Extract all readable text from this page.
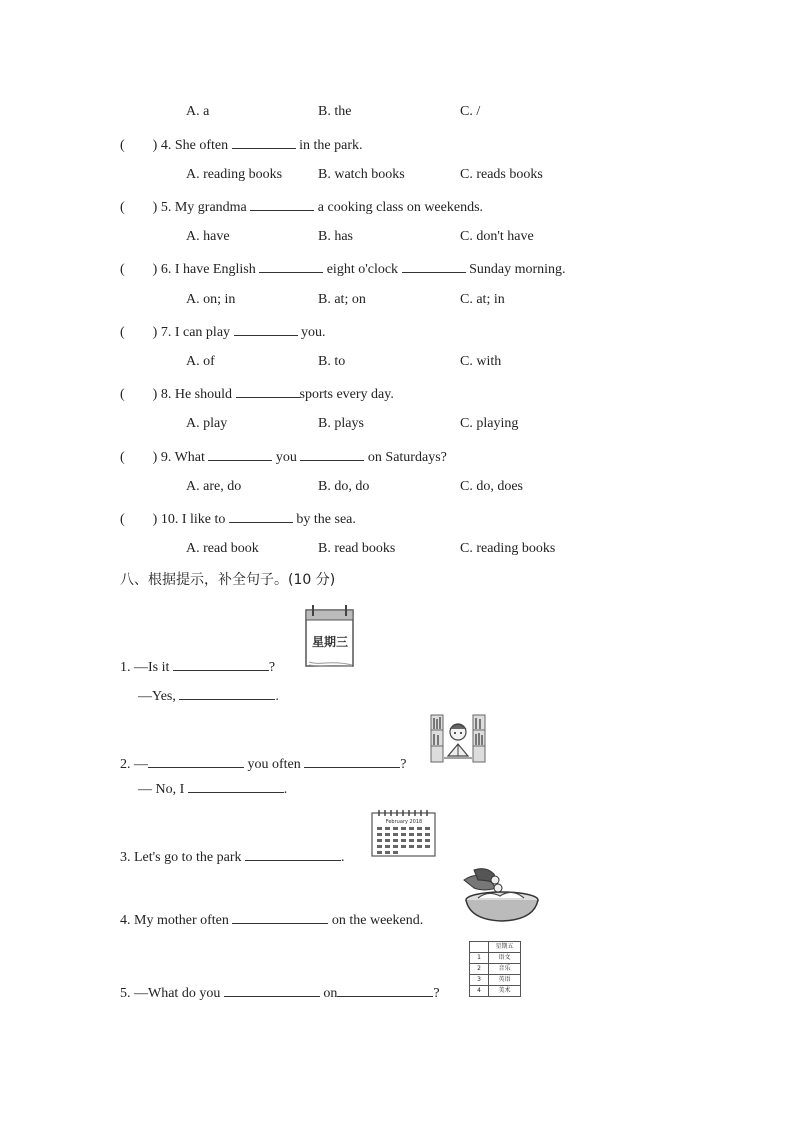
A. a	B. the	C. /
( ) 4. She often	in the park.
A. reading books	B. watch books	C. reads books
( ) 5. My grandma	a cooking class on weekends.
A. have	B. has	C. don't have
( ) 6. I have English	eight o'clock	Sunday morning.
A. on; in	B. at; on	C. at; in
( ) 7. I can play	you.
A. of	B. to	C. with
( ) 8. He should	sports every day.
A. play	B. plays	C. playing
( ) 9. What	you	on Saturdays?
A. are, do	B. do, do	C. do, does
( ) 10. I like to	by the sea.
A. read book	B. read books	C. reading books
八、根据提示，补全句子。(10 分)
星期三
1. —Is it	?
—Yes,	.
2. —	you often	?
— No, I	.
February 2018
3. Let's go to the park	.
4. My mother often	on the weekend.
	星期五
1	语文
2	音乐
3	英语
4	美术
5. —What do you	on	?
